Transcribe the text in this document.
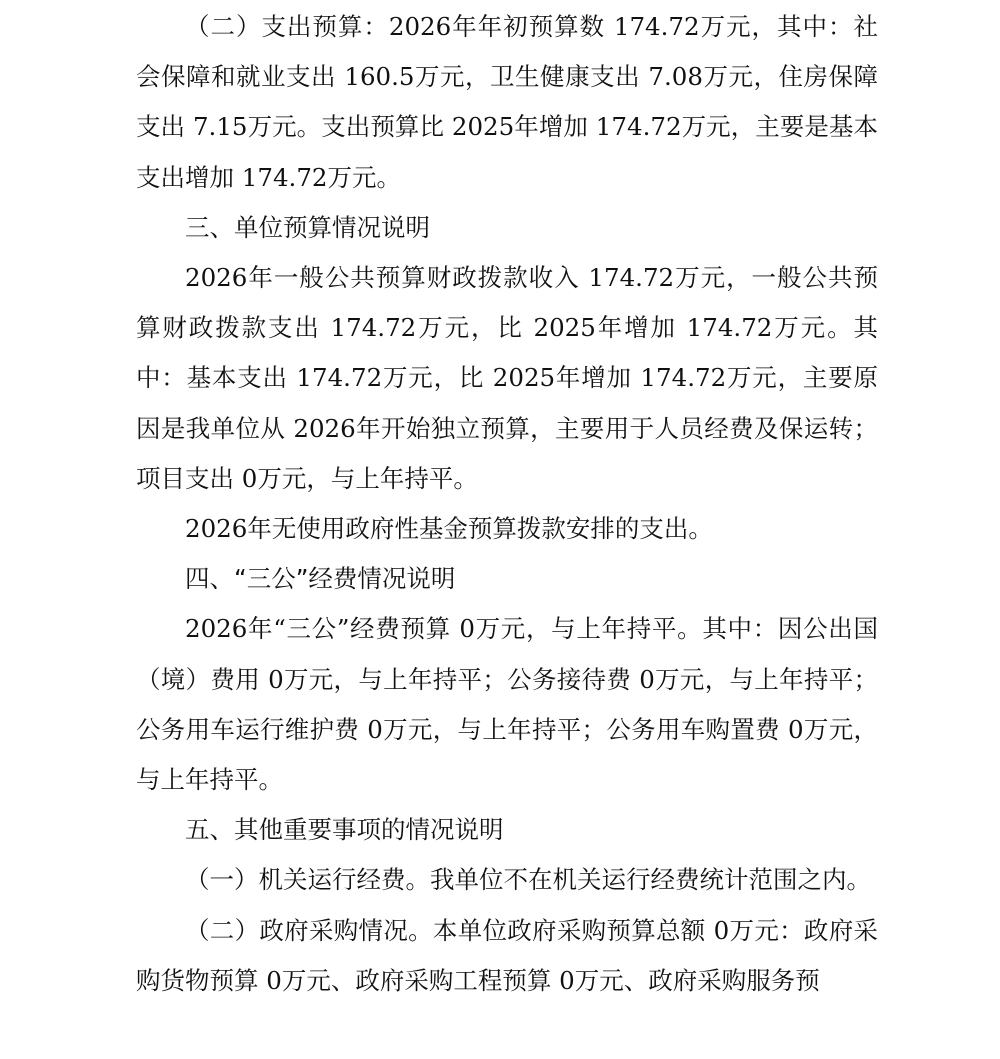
（二）支出预算：2026年年初预算数 174.72万元，其中：社会保障和就业支出 160.5万元，卫生健康支出 7.08万元，住房保障支出 7.15万元。支出预算比 2025年增加 174.72万元，主要是基本支出增加 174.72万元。

三、单位预算情况说明

2026年一般公共预算财政拨款收入 174.72万元，一般公共预算财政拨款支出 174.72万元，比 2025年增加 174.72万元。其中：基本支出 174.72万元，比 2025年增加 174.72万元，主要原因是我单位从 2026年开始独立预算，主要用于人员经费及保运转；项目支出 0万元，与上年持平。

2026年无使用政府性基金预算拨款安排的支出。

四、“三公”经费情况说明

2026年“三公”经费预算 0万元，与上年持平。其中：因公出国（境）费用 0万元，与上年持平；公务接待费 0万元，与上年持平；公务用车运行维护费 0万元，与上年持平；公务用车购置费 0万元，与上年持平。

五、其他重要事项的情况说明

（一）机关运行经费。我单位不在机关运行经费统计范围之内。

（二）政府采购情况。本单位政府采购预算总额 0万元：政府采购货物预算 0万元、政府采购工程预算 0万元、政府采购服务预
